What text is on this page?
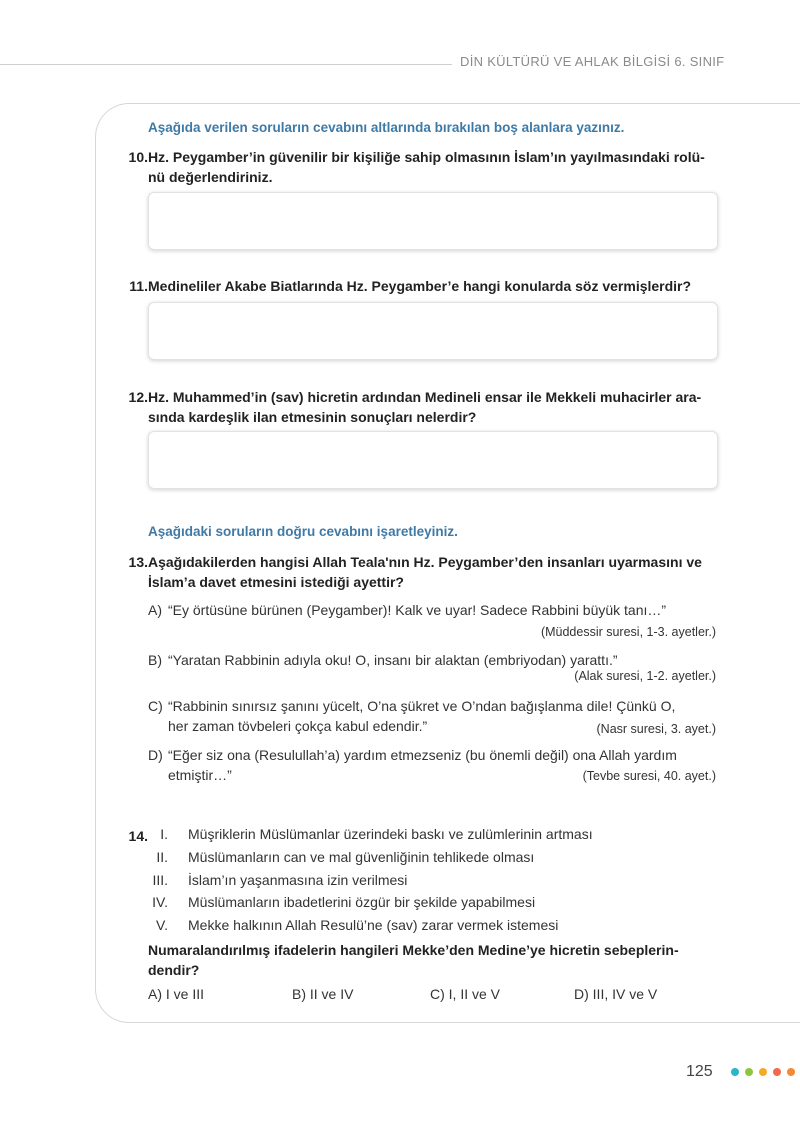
DİN KÜLTÜRÜ VE AHLAK BİLGİSİ 6. SINIF
Aşağıda verilen soruların cevabını altlarında bırakılan boş alanlara yazınız.
10. Hz. Peygamber’in güvenilir bir kişiliğe sahip olmasının İslam’ın yayılmasındaki rolü-
nü değerlendiriniz.
11. Medineliler Akabe Biatlarında Hz. Peygamber’e hangi konularda söz vermişlerdir?
12. Hz. Muhammed’in (sav) hicretin ardından Medineli ensar ile Mekkeli muhacirler ara-
sında kardeşlik ilan etmesinin sonuçları nelerdir?
Aşağıdaki soruların doğru cevabını işaretleyiniz.
13. Aşağıdakilerden hangisi Allah Teala'nın Hz. Peygamber’den insanları uyarmasını ve
İslam’a davet etmesini istediği ayettir?
A) “Ey örtüsüne bürünen (Peygamber)! Kalk ve uyar! Sadece Rabbini büyük tanı…”
(Müddessir suresi, 1-3. ayetler.)
B) “Yaratan Rabbinin adıyla oku! O, insanı bir alaktan (embriyodan) yarattı.”
(Alak suresi, 1-2. ayetler.)
C) “Rabbinin sınırsız şanını yücelt, O’na şükret ve O’ndan bağışlanma dile! Çünkü O,
her zaman tövbeleri çokça kabul edendir.”	(Nasr suresi, 3. ayet.)
D) “Eğer siz ona (Resulullah’a) yardım etmezseniz (bu önemli değil) ona Allah yardım
etmiştir…”	(Tevbe suresi, 40. ayet.)
14. I. Müşriklerin Müslümanlar üzerindeki baskı ve zulümlerinin artması
II. Müslümanların can ve mal güvenliğinin tehlikede olması
III. İslam’ın yaşanmasına izin verilmesi
IV. Müslümanların ibadetlerini özgür bir şekilde yapabilmesi
V. Mekke halkının Allah Resulü’ne (sav) zarar vermek istemesi
Numaralandırılmış ifadelerin hangileri Mekke’den Medine’ye hicretin sebeplerin-
dendir?
A) I ve III	B) II ve IV	C) I, II ve V	D) III, IV ve V
125
